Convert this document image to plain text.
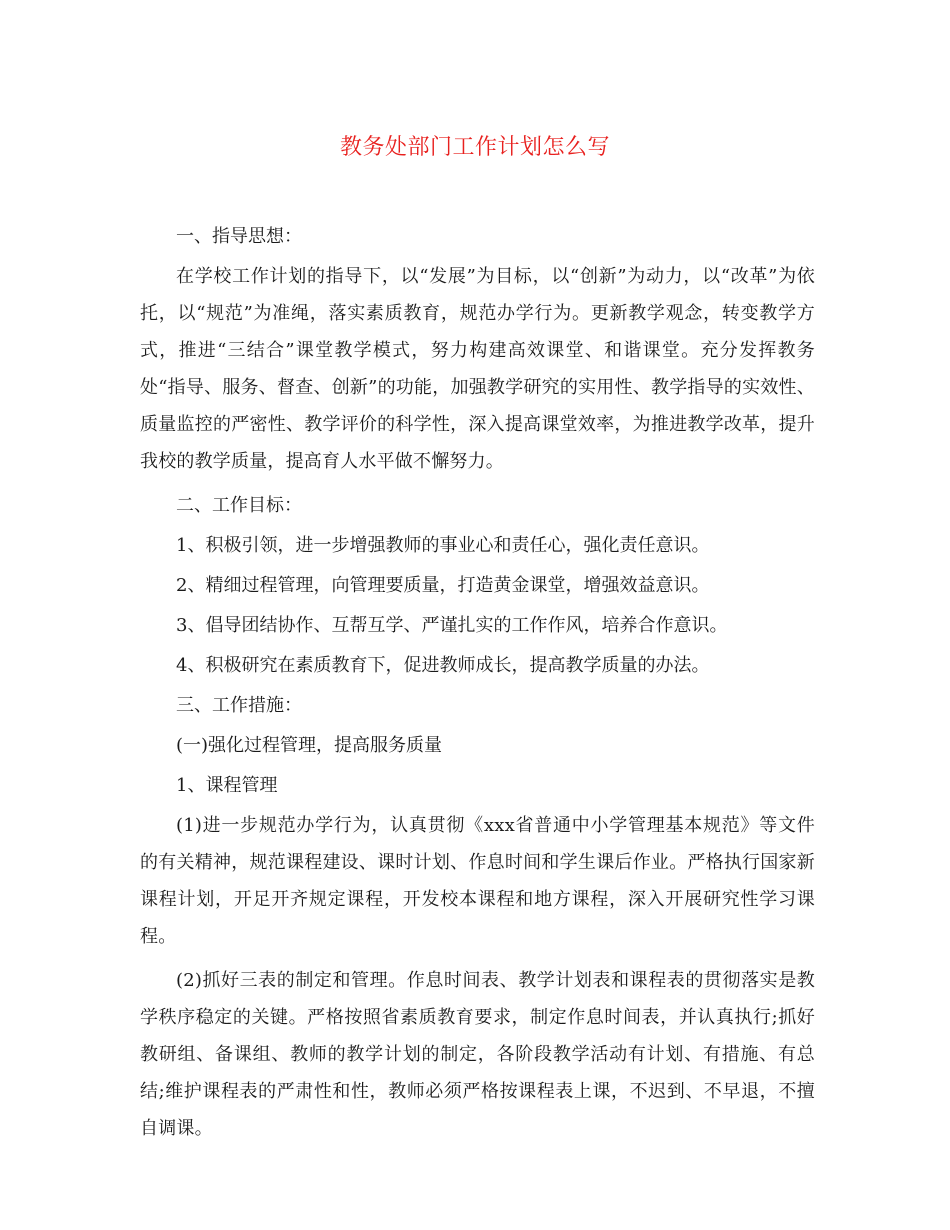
教务处部门工作计划怎么写
一、指导思想：
在学校工作计划的指导下，以“发展”为目标，以“创新”为动力，以“改革”为依托，以“规范”为准绳，落实素质教育，规范办学行为。更新教学观念，转变教学方式，推进“三结合”课堂教学模式，努力构建高效课堂、和谐课堂。充分发挥教务处“指导、服务、督查、创新”的功能，加强教学研究的实用性、教学指导的实效性、质量监控的严密性、教学评价的科学性，深入提高课堂效率，为推进教学改革，提升我校的教学质量，提高育人水平做不懈努力。
二、工作目标：
1、积极引领，进一步增强教师的事业心和责任心，强化责任意识。
2、精细过程管理，向管理要质量，打造黄金课堂，增强效益意识。
3、倡导团结协作、互帮互学、严谨扎实的工作作风，培养合作意识。
4、积极研究在素质教育下，促进教师成长，提高教学质量的办法。
三、工作措施：
(一)强化过程管理，提高服务质量
1、课程管理
(1)进一步规范办学行为，认真贯彻《xxx省普通中小学管理基本规范》等文件的有关精神，规范课程建设、课时计划、作息时间和学生课后作业。严格执行国家新课程计划，开足开齐规定课程，开发校本课程和地方课程，深入开展研究性学习课程。
(2)抓好三表的制定和管理。作息时间表、教学计划表和课程表的贯彻落实是教学秩序稳定的关键。严格按照省素质教育要求，制定作息时间表，并认真执行;抓好教研组、备课组、教师的教学计划的制定，各阶段教学活动有计划、有措施、有总结;维护课程表的严肃性和性，教师必须严格按课程表上课，不迟到、不早退，不擅自调课。
